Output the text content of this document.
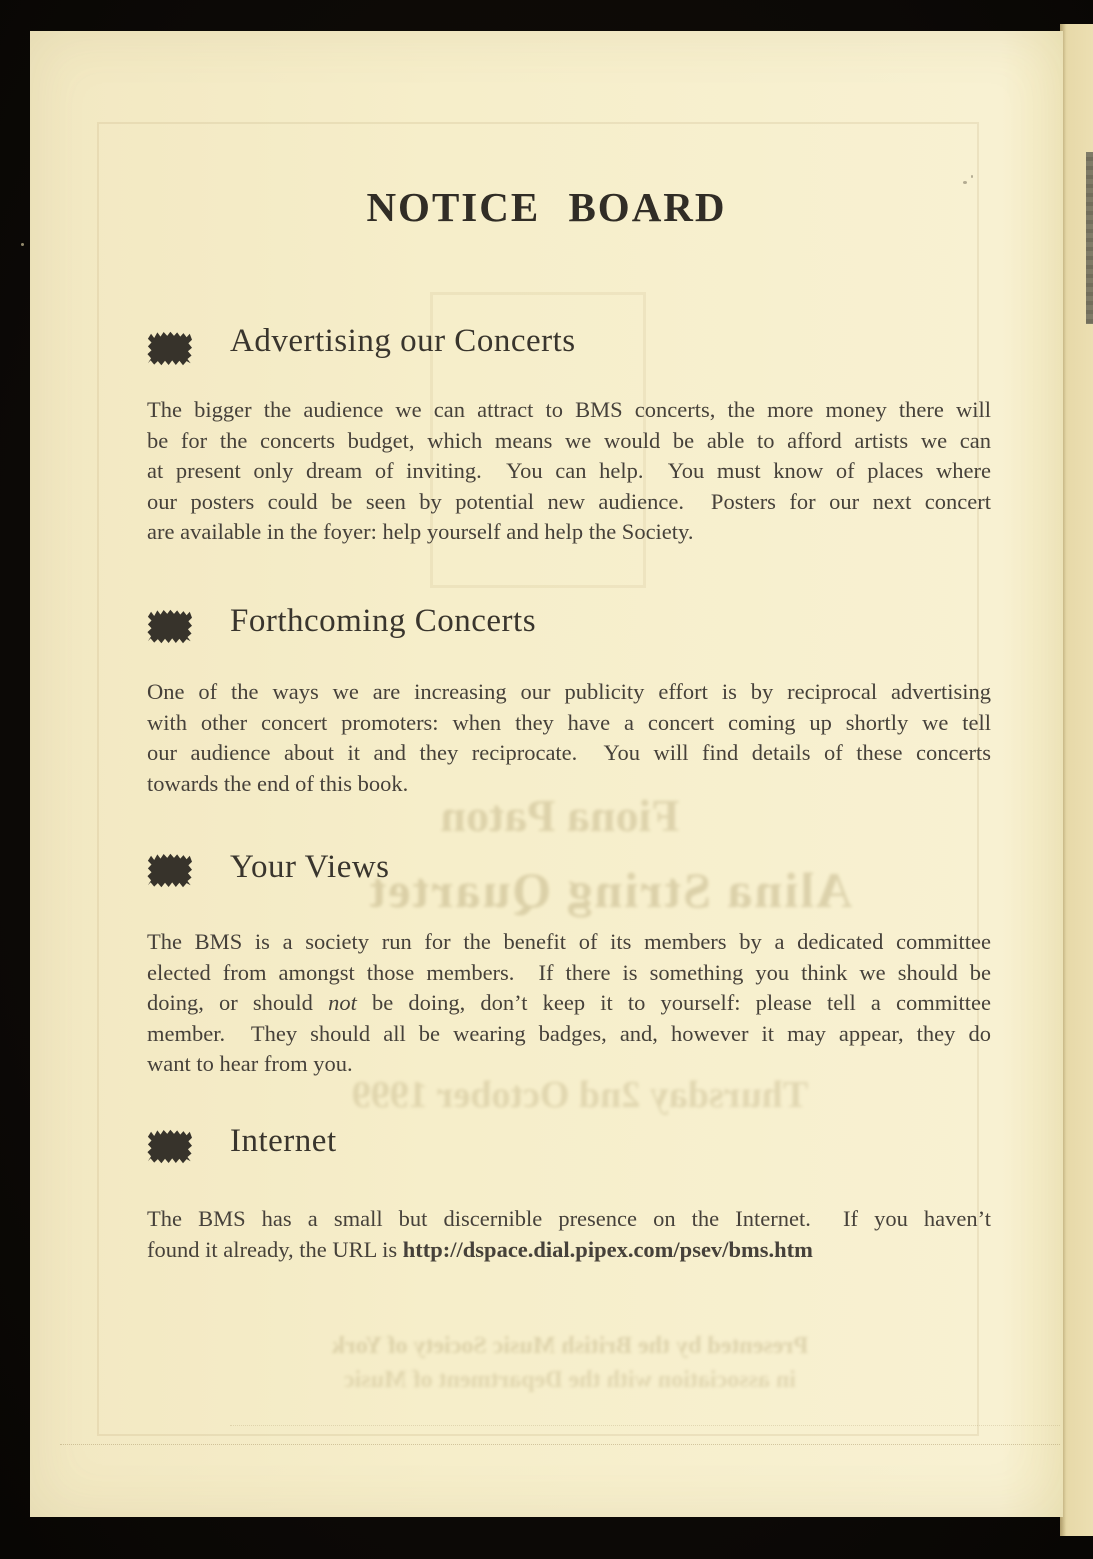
Fiona Paton
Alina String Quartet
Thursday 2nd October 1999
Presented by the British Music Society of York
in association with the Department of Music
NOTICE BOARD
Advertising our Concerts
The bigger the audience we can attract to BMS concerts, the more money there will
be for the concerts budget, which means we would be able to afford artists we can
at present only dream of inviting.  You can help.  You must know of places where
our posters could be seen by potential new audience.  Posters for our next concert
are available in the foyer: help yourself and help the Society.
Forthcoming Concerts
One of the ways we are increasing our publicity effort is by reciprocal advertising
with other concert promoters: when they have a concert coming up shortly we tell
our audience about it and they reciprocate.  You will find details of these concerts
towards the end of this book.
Your Views
The BMS is a society run for the benefit of its members by a dedicated committee
elected from amongst those members.  If there is something you think we should be
doing, or should not be doing, don’t keep it to yourself: please tell a committee
member.  They should all be wearing badges, and, however it may appear, they do
want to hear from you.
Internet
The BMS has a small but discernible presence on the Internet.  If you haven’t
found it already, the URL is http://dspace.dial.pipex.com/psev/bms.htm
